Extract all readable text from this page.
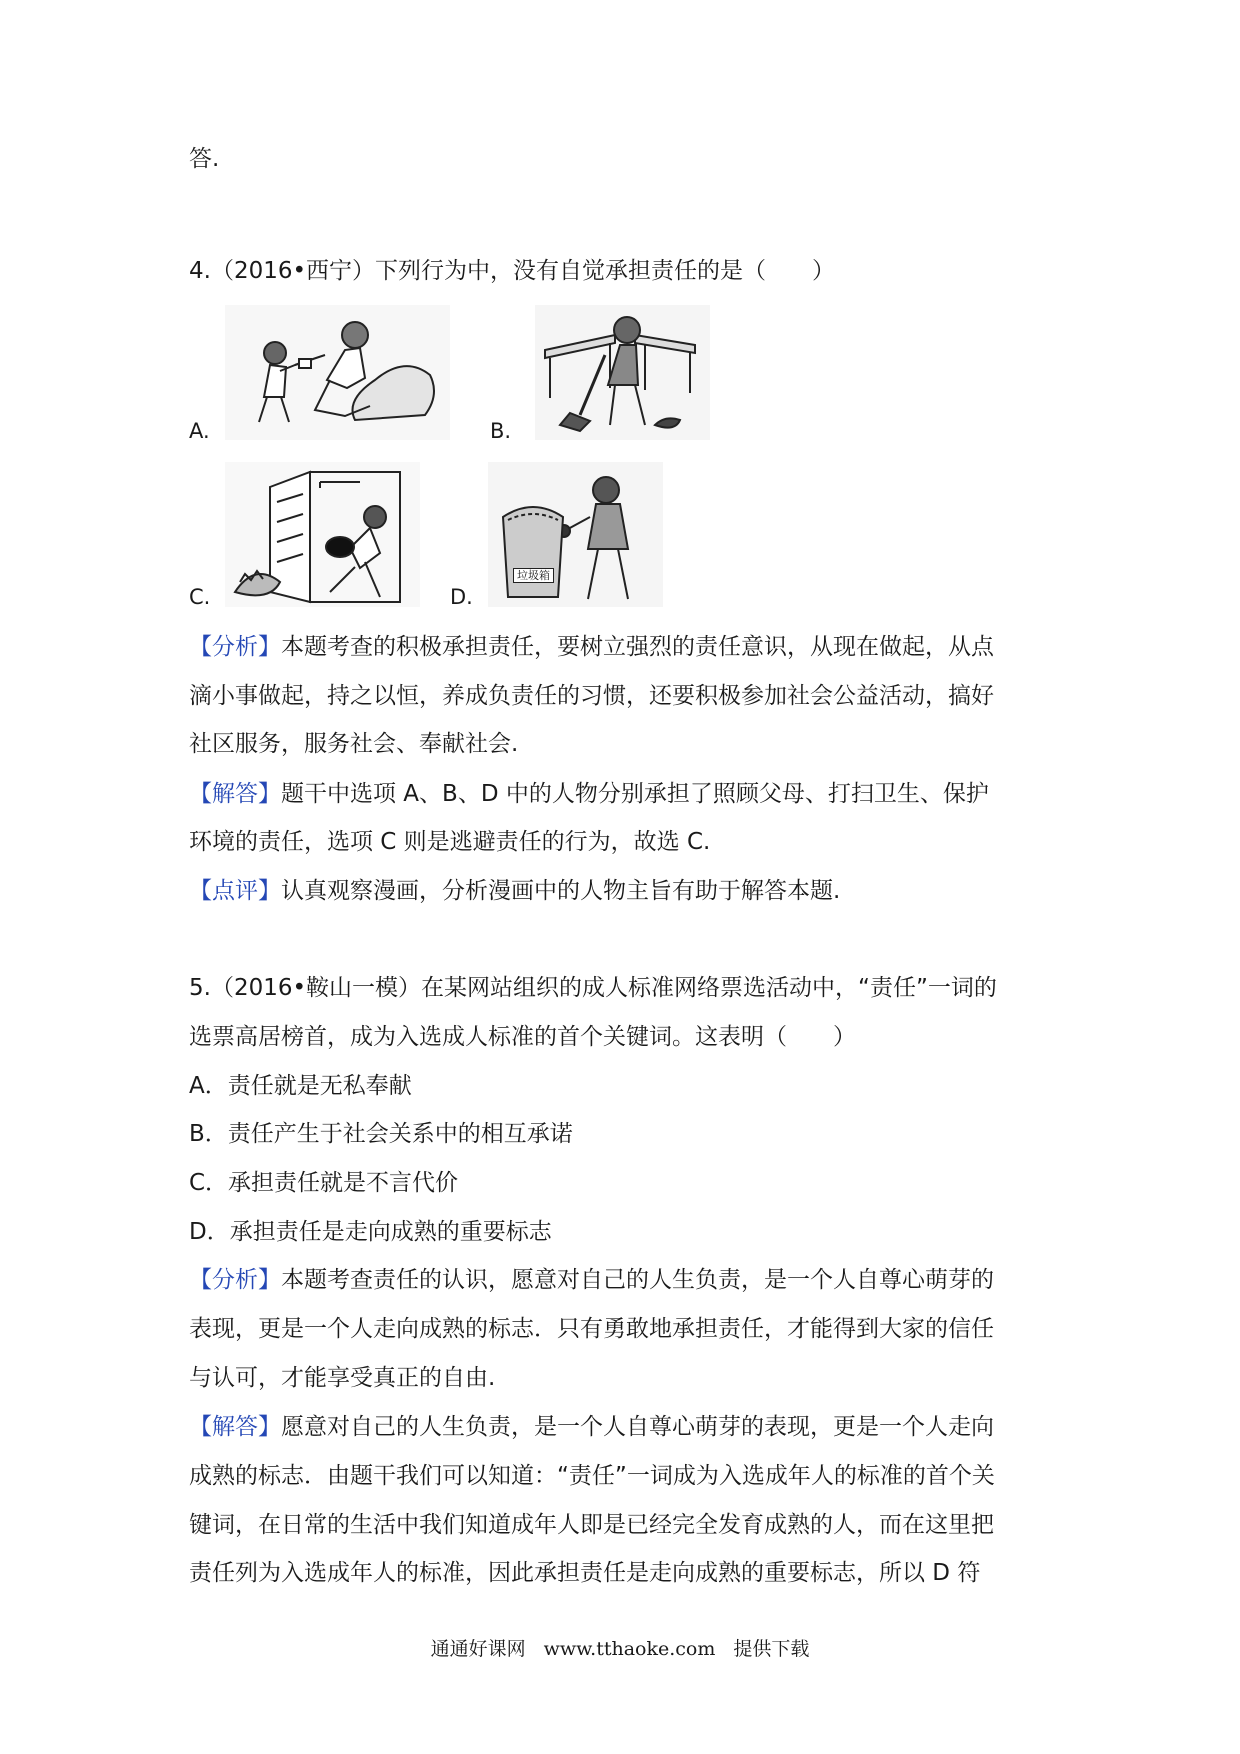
答.
4.（2016•西宁）下列行为中，没有自觉承担责任的是（　　）
A.	B.
C.
垃圾箱
D.
【分析】本题考查的积极承担责任，要树立强烈的责任意识，从现在做起，从点
滴小事做起，持之以恒，养成负责任的习惯，还要积极参加社会公益活动，搞好
社区服务，服务社会、奉献社会.
【解答】题干中选项 A、B、D 中的人物分别承担了照顾父母、打扫卫生、保护
环境的责任，选项 C 则是逃避责任的行为，故选 C.
【点评】认真观察漫画，分析漫画中的人物主旨有助于解答本题.
5.（2016•鞍山一模）在某网站组织的成人标准网络票选活动中，“责任”一词的
选票高居榜首，成为入选成人标准的首个关键词。这表明（　　）
A．责任就是无私奉献
B．责任产生于社会关系中的相互承诺
C．承担责任就是不言代价
D．承担责任是走向成熟的重要标志
【分析】本题考查责任的认识，愿意对自己的人生负责，是一个人自尊心萌芽的
表现，更是一个人走向成熟的标志．只有勇敢地承担责任，才能得到大家的信任
与认可，才能享受真正的自由.
【解答】愿意对自己的人生负责，是一个人自尊心萌芽的表现，更是一个人走向
成熟的标志．由题干我们可以知道：“责任”一词成为入选成年人的标准的首个关
键词，在日常的生活中我们知道成年人即是已经完全发育成熟的人，而在这里把
责任列为入选成年人的标准，因此承担责任是走向成熟的重要标志，所以 D 符
通通好课网 www.tthaoke.com 提供下载
